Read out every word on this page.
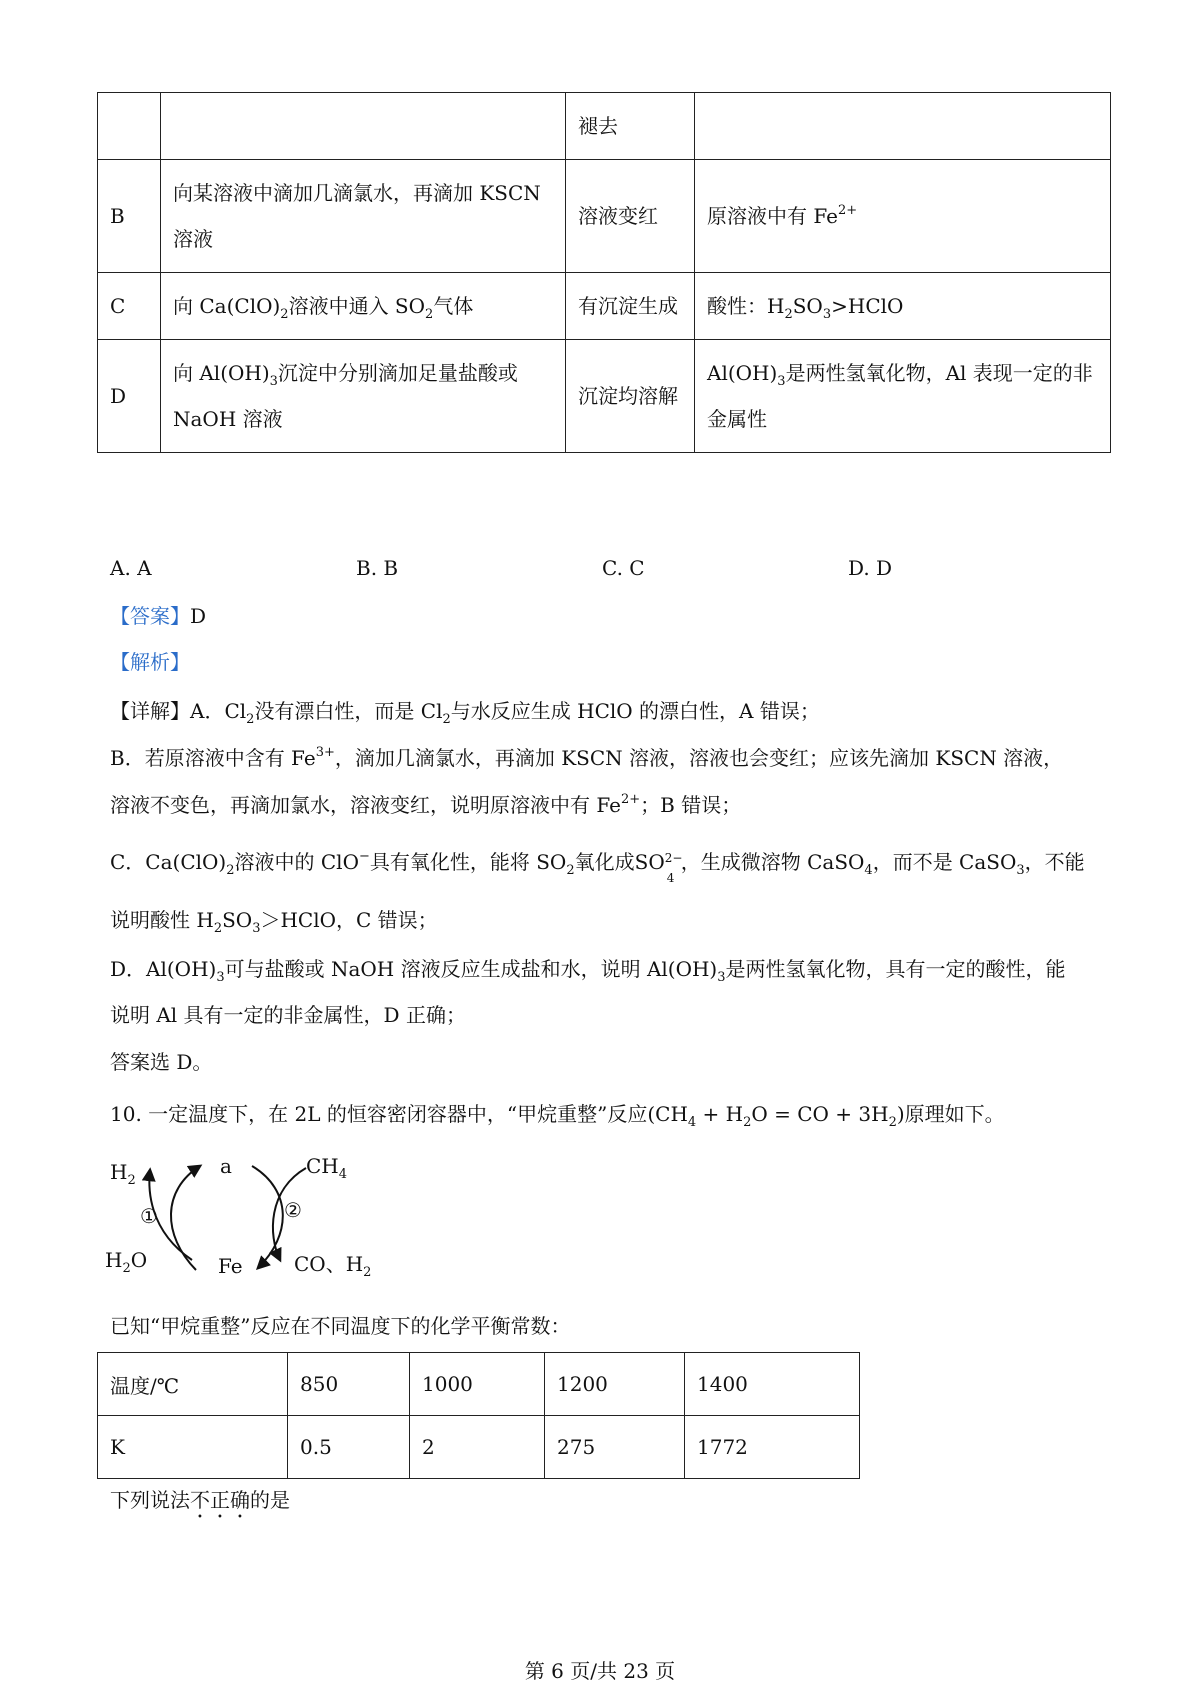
		褪去	
B	向某溶液中滴加几滴氯水，再滴加 KSCN 溶液	溶液变红	原溶液中有 $Fe^{2+}$
C	向 $Ca(ClO)_2$溶液中通入 $SO_2$气体	有沉淀生成	酸性：$H_2SO_3>HClO$
D	向 $Al(OH)_3$沉淀中分别滴加足量盐酸或 NaOH 溶液	沉淀均溶解	$Al(OH)_3$是两性氢氧化物，Al 表现一定的非金属性
A. A	B. B	C. C	D. D
【答案】D
【解析】
【详解】A．$Cl_2$没有漂白性，而是 $Cl_2$与水反应生成 HClO 的漂白性，A 错误；
B．若原溶液中含有 $Fe^{3+}$，滴加几滴氯水，再滴加 KSCN 溶液，溶液也会变红；应该先滴加 KSCN 溶液，
溶液不变色，再滴加氯水，溶液变红，说明原溶液中有 $Fe^{2+}$；B 错误；
C．$Ca(ClO)_2$溶液中的 ClO−具有氧化性，能将 $SO_2$氧化成SO 2−
4
，生成微溶物 CaSO$_4$，而不是 CaSO$_3$，不能
说明酸性 $H_2SO_3>HClO$，C 错误；
D．$Al(OH)_3$可与盐酸或 NaOH 溶液反应生成盐和水，说明 $Al(OH)_3$是两性氢氧化物，具有一定的酸性，能
说明 Al 具有一定的非金属性，D 正确；
答案选 D。
10. 一定温度下，在 2L 的恒容密闭容器中，“甲烷重整”反应($CH_4 + H_2O$ = CO + $3H_2$)原理如下。
$H_2$
a	$CH_4$
①	②
$H_2O$	Fe	CO、$H_2$
已知“甲烷重整”反应在不同温度下的化学平衡常数：
温度/℃	850	1000	1200	1400
K	0.5	2	275	1772
下列说法不正确的是
第 6 页/共 23 页
